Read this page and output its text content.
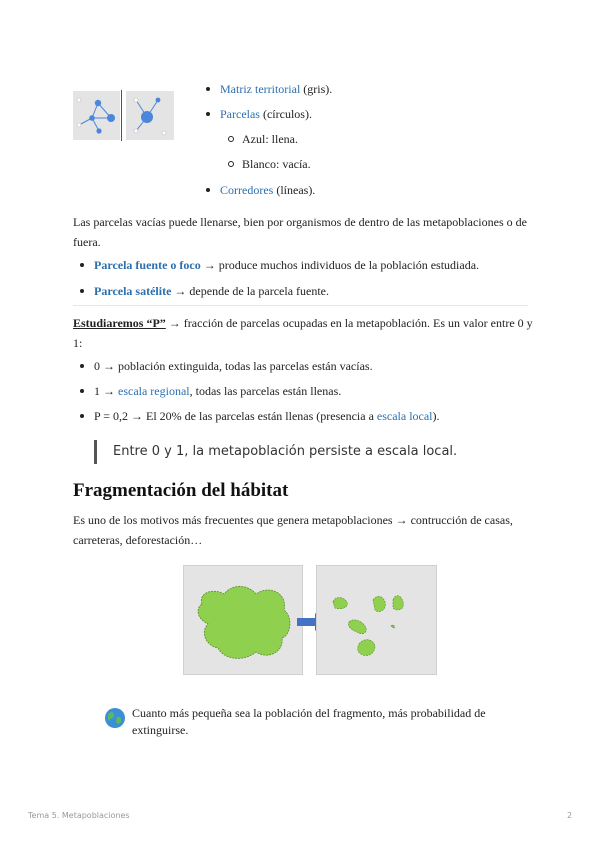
Matriz territorial (gris).
Parcelas (círculos).
Azul: llena.
Blanco: vacía.
Corredores (líneas).
Las parcelas vacías puede llenarse, bien por organismos de dentro de las metapoblaciones o de fuera.
Parcela fuente o foco → produce muchos individuos de la población estudiada.
Parcela satélite → depende de la parcela fuente.
Estudiaremos “P” → fracción de parcelas ocupadas en la metapoblación. Es un valor entre 0 y 1:
0 → población extinguida, todas las parcelas están vacías.
1 → escala regional, todas las parcelas están llenas.
P = 0,2 → El 20% de las parcelas están llenas (presencia a escala local).
Entre 0 y 1, la metapoblación persiste a escala local.
Fragmentación del hábitat
Es uno de los motivos más frecuentes que genera metapoblaciones → contrucción de casas, carreteras, deforestación…
Cuanto más pequeña sea la población del fragmento, más probabilidad de extinguirse.
Tema 5. Metapoblaciones	2
